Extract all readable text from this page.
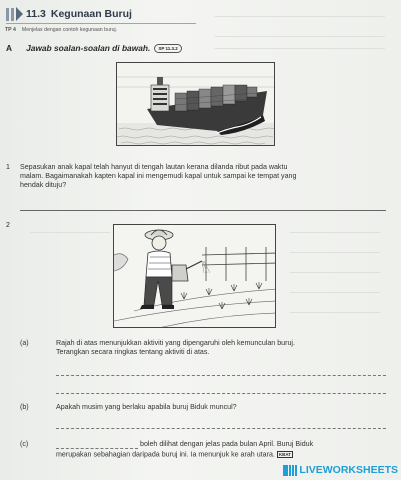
11.3 Kegunaan Buruj
TP 4 Menjelas dengan contoh kegunaan buruj.
A Jawab soalan-soalan di bawah.	SP 11.3.2
1 Sepasukan anak kapal telah hanyut di tengah lautan kerana dilanda ribut pada waktu
malam. Bagaimanakah kapten kapal ini mengemudi kapal untuk sampai ke tempat yang
hendak dituju?
2
(a)	Rajah di atas menunjukkan aktiviti yang dipengaruhi oleh kemunculan buruj.
Terangkan secara ringkas tentang aktiviti di atas.
(b)	Apakah musim yang berlaku apabila buruj Biduk muncul?
(c)	boleh dilihat dengan jelas pada bulan April. Buruj Biduk
merupakan sebahagian daripada buruj ini. Ia menunjuk ke arah utara. KBAT
LIVEWORKSHEETS
